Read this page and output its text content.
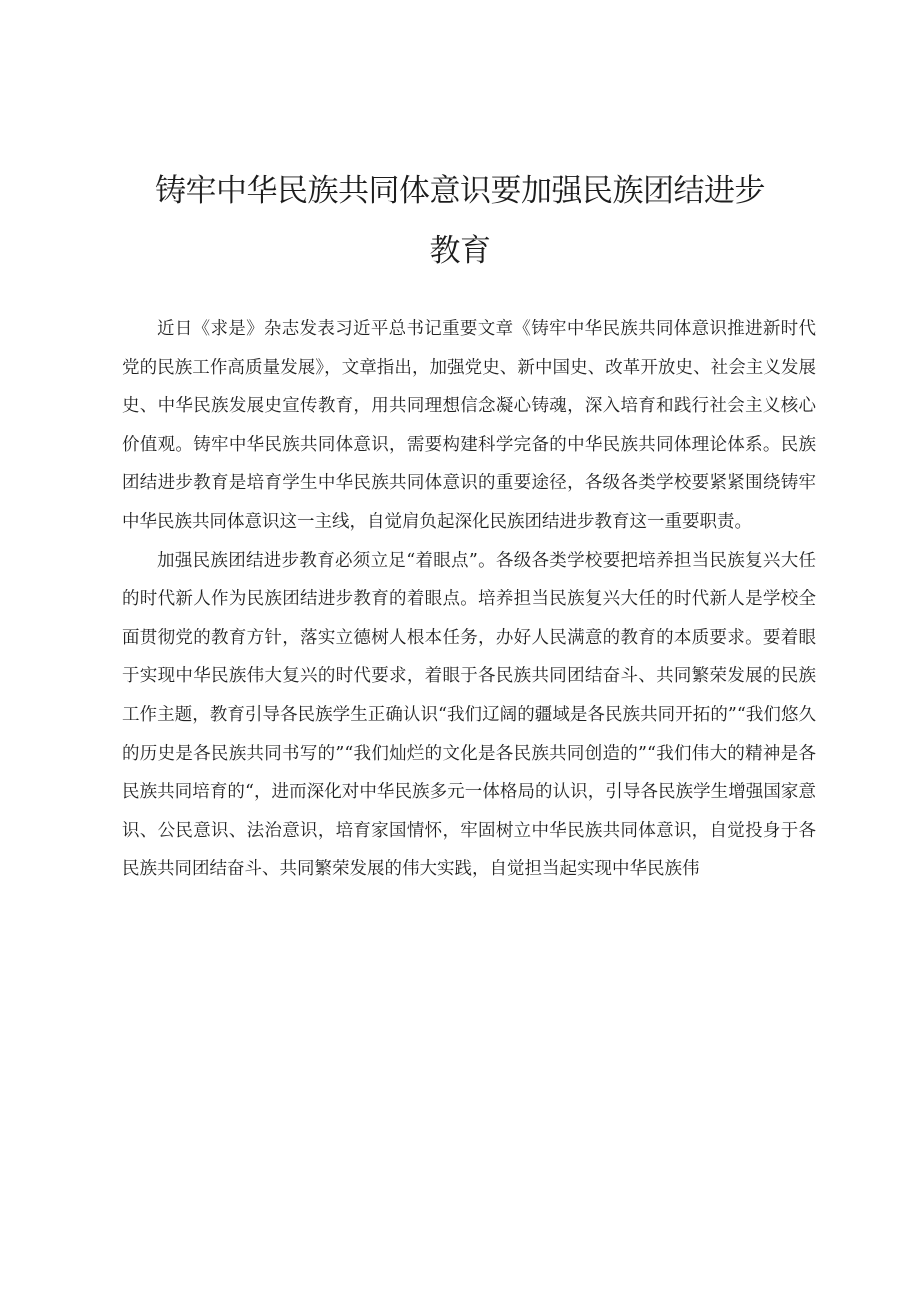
铸牢中华民族共同体意识要加强民族团结进步
教育

近日《求是》杂志发表习近平总书记重要文章《铸牢中华民族共同体意识推进新时代党的民族工作高质量发展》，文章指出，加强党史、新中国史、改革开放史、社会主义发展史、中华民族发展史宣传教育，用共同理想信念凝心铸魂，深入培育和践行社会主义核心价值观。铸牢中华民族共同体意识，需要构建科学完备的中华民族共同体理论体系。民族团结进步教育是培育学生中华民族共同体意识的重要途径，各级各类学校要紧紧围绕铸牢中华民族共同体意识这一主线，自觉肩负起深化民族团结进步教育这一重要职责。

加强民族团结进步教育必须立足“着眼点”。各级各类学校要把培养担当民族复兴大任的时代新人作为民族团结进步教育的着眼点。培养担当民族复兴大任的时代新人是学校全面贯彻党的教育方针，落实立德树人根本任务，办好人民满意的教育的本质要求。要着眼于实现中华民族伟大复兴的时代要求，着眼于各民族共同团结奋斗、共同繁荣发展的民族工作主题，教育引导各民族学生正确认识“我们辽阔的疆域是各民族共同开拓的”“我们悠久的历史是各民族共同书写的”“我们灿烂的文化是各民族共同创造的”“我们伟大的精神是各民族共同培育的“，进而深化对中华民族多元一体格局的认识，引导各民族学生增强国家意识、公民意识、法治意识，培育家国情怀，牢固树立中华民族共同体意识，自觉投身于各民族共同团结奋斗、共同繁荣发展的伟大实践，自觉担当起实现中华民族伟
